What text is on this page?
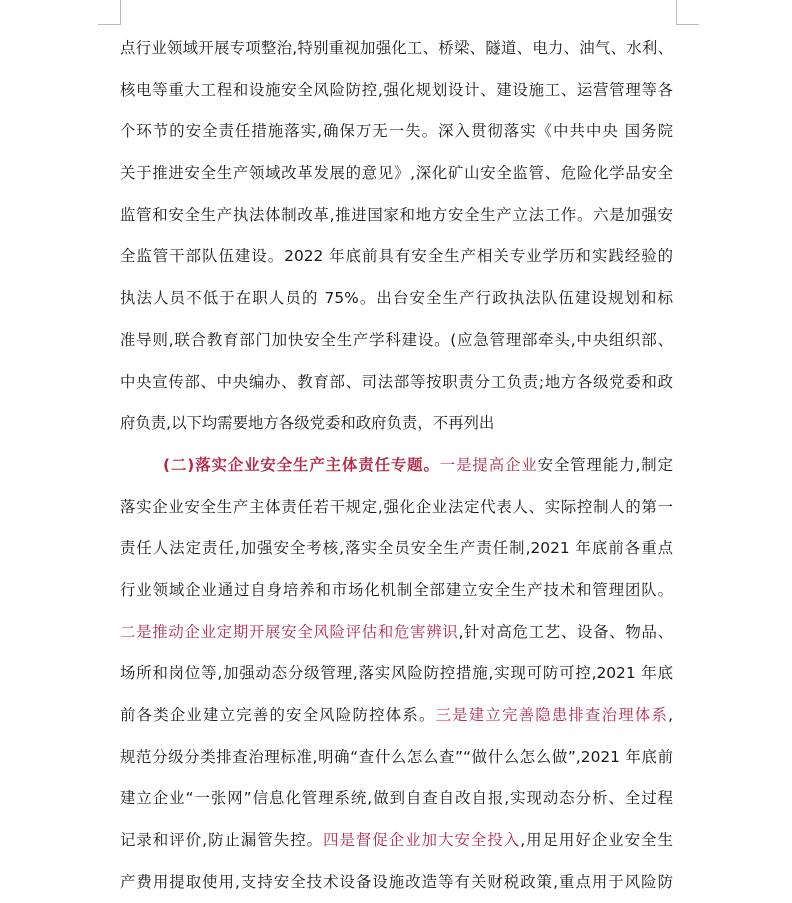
点行业领域开展专项整治,特别重视加强化工、桥梁、隧道、电力、油气、水利、
核电等重大工程和设施安全风险防控,强化规划设计、建设施工、运营管理等各
个环节的安全责任措施落实,确保万无一失。深入贯彻落实《中共中央 国务院
关于推进安全生产领域改革发展的意见》,深化矿山安全监管、危险化学品安全
监管和安全生产执法体制改革,推进国家和地方安全生产立法工作。六是加强安
全监管干部队伍建设。2022 年底前具有安全生产相关专业学历和实践经验的
执法人员不低于在职人员的 75%。出台安全生产行政执法队伍建设规划和标
准导则,联合教育部门加快安全生产学科建设。(应急管理部牵头,中央组织部、
中央宣传部、中央编办、教育部、司法部等按职责分工负责;地方各级党委和政
府负责,以下均需要地方各级党委和政府负责，不再列出
(二)落实企业安全生产主体责任专题。一是提高企业安全管理能力,制定
落实企业安全生产主体责任若干规定,强化企业法定代表人、实际控制人的第一
责任人法定责任,加强安全考核,落实全员安全生产责任制,2021 年底前各重点
行业领域企业通过自身培养和市场化机制全部建立安全生产技术和管理团队。
二是推动企业定期开展安全风险评估和危害辨识,针对高危工艺、设备、物品、
场所和岗位等,加强动态分级管理,落实风险防控措施,实现可防可控,2021 年底
前各类企业建立完善的安全风险防控体系。三是建立完善隐患排查治理体系,
规范分级分类排查治理标准,明确“查什么怎么查”“做什么怎么做”,2021 年底前
建立企业“一张网”信息化管理系统,做到自查自改自报,实现动态分析、全过程
记录和评价,防止漏管失控。四是督促企业加大安全投入,用足用好企业安全生
产费用提取使用,支持安全技术设备设施改造等有关财税政策,重点用于风险防
